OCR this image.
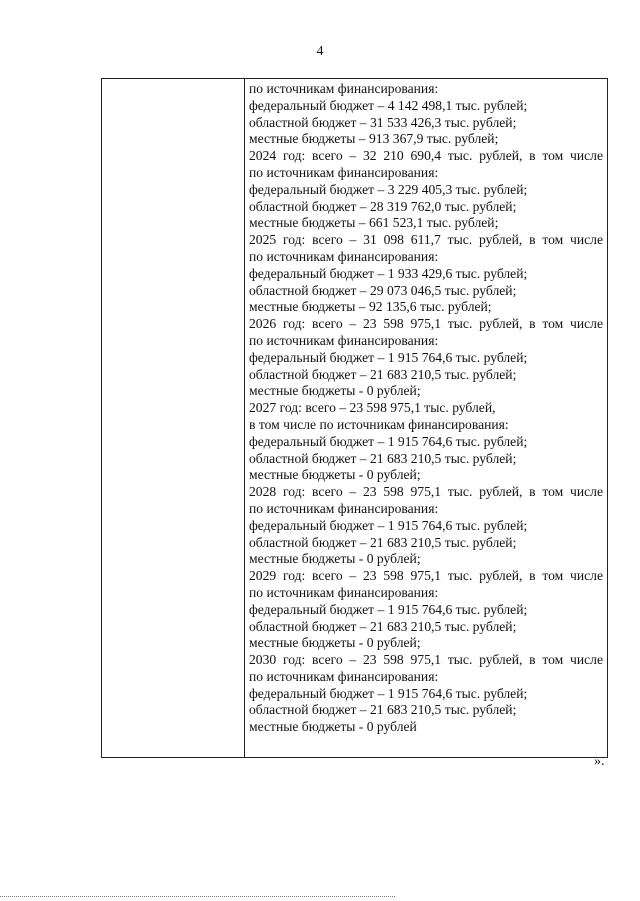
4
по источникам финансирования:
федеральный бюджет – 4 142 498,1 тыс. рублей;
областной бюджет – 31 533 426,3 тыс. рублей;
местные бюджеты – 913 367,9 тыс. рублей;
2024 год: всего – 32 210 690,4 тыс. рублей, в том числе
по источникам финансирования:
федеральный бюджет – 3 229 405,3 тыс. рублей;
областной бюджет – 28 319 762,0 тыс. рублей;
местные бюджеты – 661 523,1 тыс. рублей;
2025 год: всего – 31 098 611,7 тыс. рублей, в том числе
по источникам финансирования:
федеральный бюджет – 1 933 429,6 тыс. рублей;
областной бюджет – 29 073 046,5 тыс. рублей;
местные бюджеты – 92 135,6 тыс. рублей;
2026 год: всего – 23 598 975,1 тыс. рублей, в том числе
по источникам финансирования:
федеральный бюджет – 1 915 764,6 тыс. рублей;
областной бюджет – 21 683 210,5 тыс. рублей;
местные бюджеты - 0 рублей;
2027 год: всего – 23 598 975,1 тыс. рублей,
в том числе по источникам финансирования:
федеральный бюджет – 1 915 764,6 тыс. рублей;
областной бюджет – 21 683 210,5 тыс. рублей;
местные бюджеты - 0 рублей;
2028 год: всего – 23 598 975,1 тыс. рублей, в том числе
по источникам финансирования:
федеральный бюджет – 1 915 764,6 тыс. рублей;
областной бюджет – 21 683 210,5 тыс. рублей;
местные бюджеты - 0 рублей;
2029 год: всего – 23 598 975,1 тыс. рублей, в том числе
по источникам финансирования:
федеральный бюджет – 1 915 764,6 тыс. рублей;
областной бюджет – 21 683 210,5 тыс. рублей;
местные бюджеты - 0 рублей;
2030 год: всего – 23 598 975,1 тыс. рублей, в том числе
по источникам финансирования:
федеральный бюджет – 1 915 764,6 тыс. рублей;
областной бюджет – 21 683 210,5 тыс. рублей;
местные бюджеты - 0 рублей
».
